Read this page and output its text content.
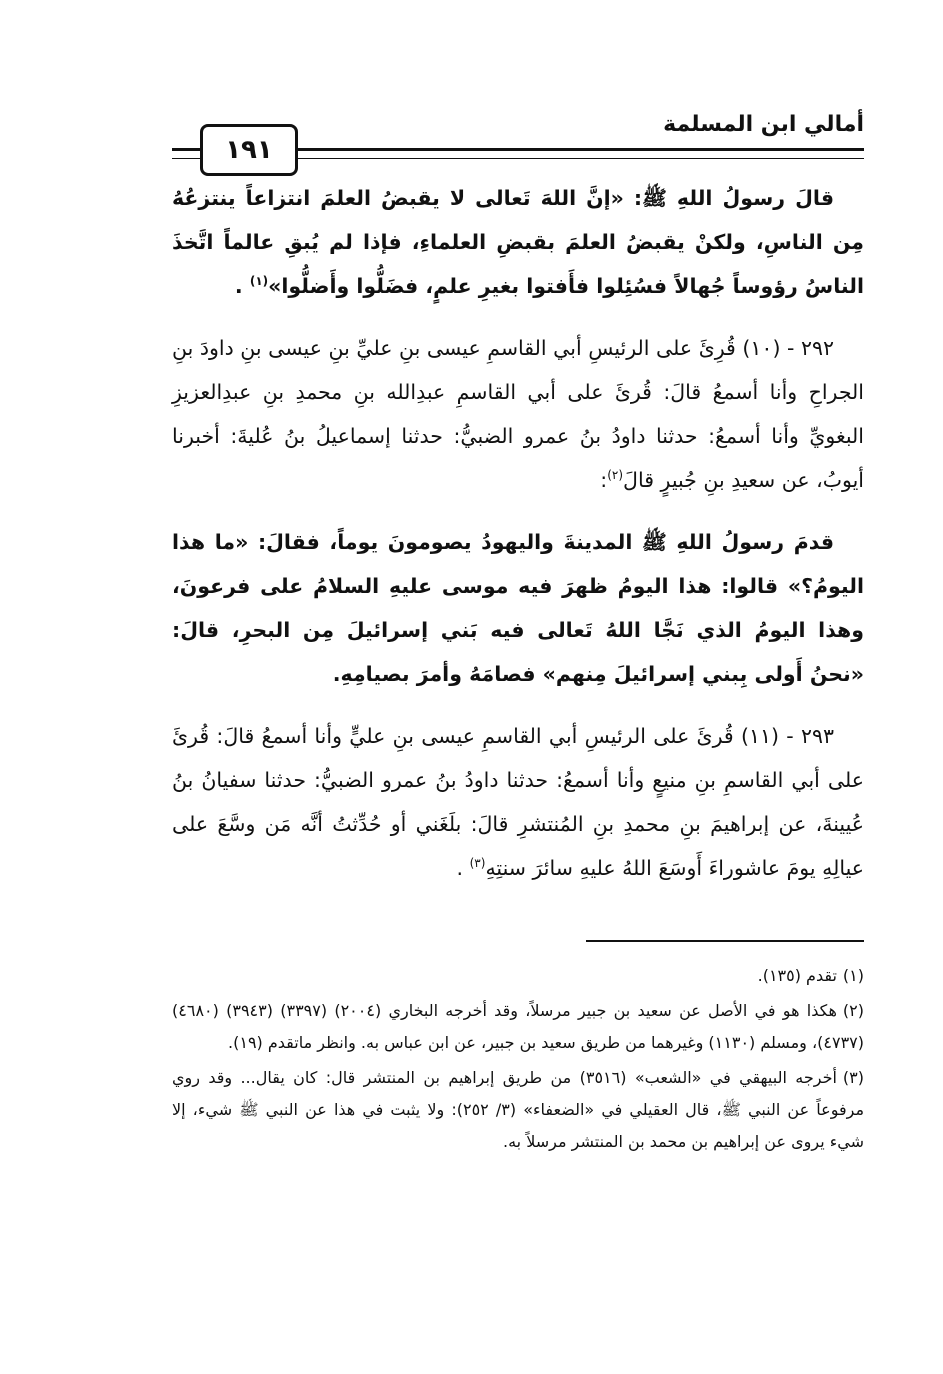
أمالي ابن المسلمة
١٩١

قالَ رسولُ اللهِ ﷺ: «إنَّ اللهَ تَعالى لا يقبضُ العلمَ انتزاعاً ينتزعُهُ مِن الناسِ، ولكنْ يقبضُ العلمَ بقبضِ العلماءِ، فإذا لم يُبقِ عالماً اتَّخذَ الناسُ رؤوساً جُهالاً فسُئِلوا فأَفتوا بغيرِ علمٍ، فضَلُّوا وأَضلُّوا»$^{(١)}$ .

٢٩٢ - (١٠) قُرِئَ على الرئيسِ أبي القاسمِ عيسى بنِ عليِّ بنِ عيسى بنِ داودَ بنِ الجراحِ وأنا أسمعُ قالَ: قُرئَ على أبي القاسمِ عبدِالله بنِ محمدِ بنِ عبدِالعزيزِ البغويِّ وأنا أسمعُ: حدثنا داودُ بنُ عمرو الضبيُّ: حدثنا إسماعيلُ بنُ عُليةَ: أخبرنا أيوبُ، عن سعيدِ بنِ جُبيرٍ قالَ$^{(٢)}$:

قدمَ رسولُ اللهِ ﷺ المدينةَ واليهودُ يصومونَ يوماً، فقالَ: «ما هذا اليومُ؟» قالوا: هذا اليومُ ظهرَ فيه موسى عليهِ السلامُ على فرعونَ، وهذا اليومُ الذي نَجَّا اللهُ تَعالى فيه بَني إسرائيلَ مِن البحرِ، قالَ: «نحنُ أَولى بِبني إسرائيلَ مِنهم» فصامَهُ وأمرَ بصيامِهِ.

٢٩٣ - (١١) قُرئَ على الرئيسِ أبي القاسمِ عيسى بنِ عليٍّ وأنا أسمعُ قالَ: قُرئَ على أبي القاسمِ بنِ منيعٍ وأنا أسمعُ: حدثنا داودُ بنُ عمرو الضبيُّ: حدثنا سفيانُ بنُ عُيينةَ، عن إبراهيمَ بنِ محمدِ بنِ المُنتشرِ قالَ: بلَغَني أو حُدِّثتُ أنَّه مَن وسَّعَ على عيالِهِ يومَ عاشوراءَ أَوسَعَ اللهُ عليهِ سائرَ سنتِهِ$^{(٣)}$ .

(١)تقدم (١٣٥).

(٢)هكذا هو في الأصل عن سعيد بن جبير مرسلاً، وقد أخرجه البخاري (٢٠٠٤) (٣٣٩٧) (٣٩٤٣) (٤٦٨٠) (٤٧٣٧)، ومسلم (١١٣٠) وغيرهما من طريق سعيد بن جبير، عن ابن عباس به. وانظر ماتقدم (١٩).

(٣)أخرجه البيهقي في «الشعب» (٣٥١٦) من طريق إبراهيم بن المنتشر قال: كان يقال... وقد روي مرفوعاً عن النبي ﷺ، قال العقيلي في «الضعفاء» (٣/ ٢٥٢): ولا يثبت في هذا عن النبي ﷺ شيء، إلا شيء يروى عن إبراهيم بن محمد بن المنتشر مرسلاً به.
